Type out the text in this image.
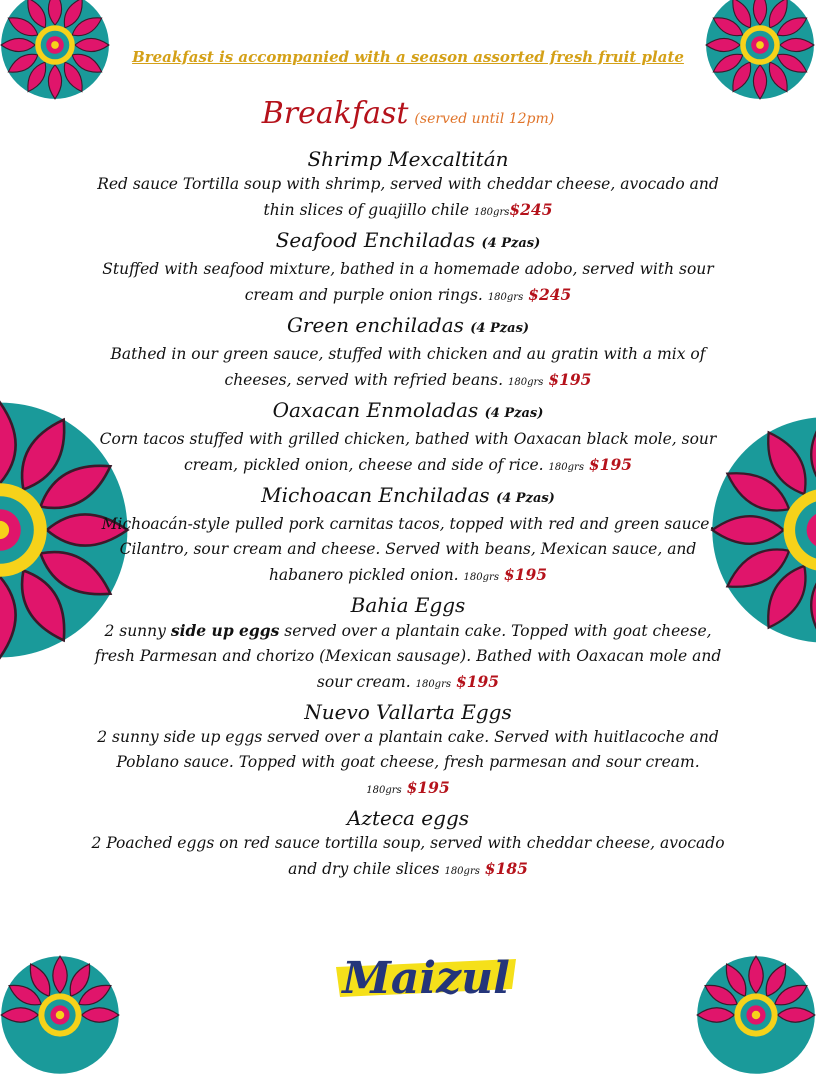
Breakfast is accompanied with a season assorted fresh fruit plate
Breakfast (served until 12pm)

Shrimp Mexcaltitán

Red sauce Tortilla soup with shrimp, served with cheddar cheese, avocado and thin slices of guajillo chile 180grs$245

Seafood Enchiladas (4 Pzas)

Stuffed with seafood mixture, bathed in a homemade adobo, served with sour cream and purple onion rings. 180grs $245

Green enchiladas (4 Pzas)

Bathed in our green sauce, stuffed with chicken and au gratin with a mix of cheeses, served with refried beans. 180grs $195

Oaxacan Enmoladas (4 Pzas)

Corn tacos stuffed with grilled chicken, bathed with Oaxacan black mole, sour cream, pickled onion, cheese and side of rice. 180grs $195

Michoacan Enchiladas (4 Pzas)

Michoacán-style pulled pork carnitas tacos, topped with red and green sauce. Cilantro, sour cream and cheese. Served with beans, Mexican sauce, and habanero pickled onion. 180grs $195

Bahia Eggs

2 sunny side up eggs served over a plantain cake. Topped with goat cheese, fresh Parmesan and chorizo (Mexican sausage). Bathed with Oaxacan mole and sour cream. 180grs $195

Nuevo Vallarta Eggs

2 sunny side up eggs served over a plantain cake. Served with huitlacoche and Poblano sauce. Topped with goat cheese, fresh parmesan and sour cream.
180grs $195

Azteca eggs

2 Poached eggs on red sauce tortilla soup, served with cheddar cheese, avocado and dry chile slices 180grs $185

Maizul
